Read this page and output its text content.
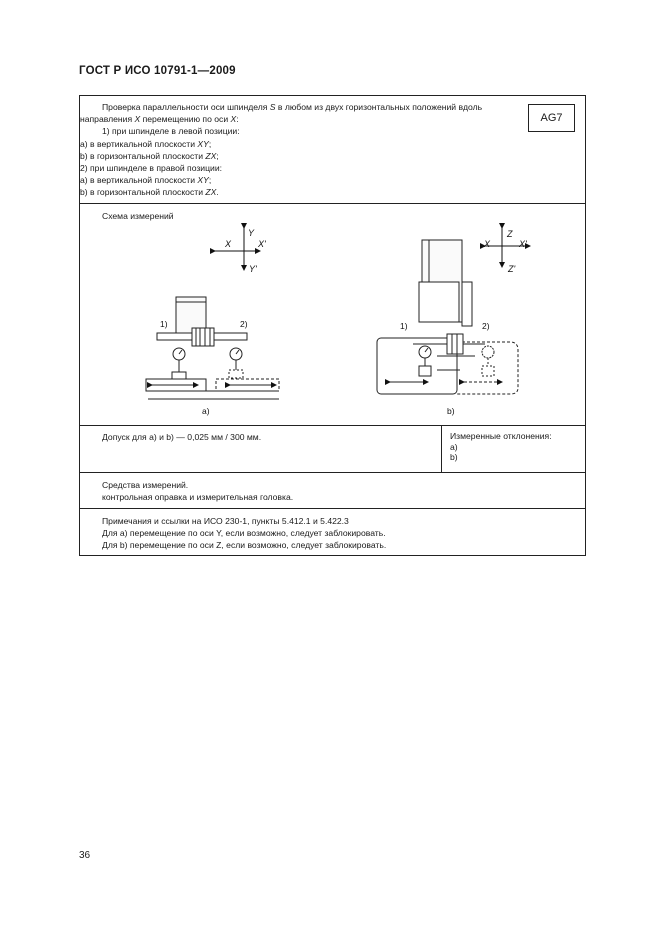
ГОСТ Р ИСО 10791-1—2009
Проверка параллельности оси шпинделя S в любом из двух горизонтальных положений вдоль
направления X перемещению по оси X:
1) при шпинделе в левой позиции:
a) в вертикальной плоскости XY;
b) в горизонтальной плоскости ZX;
2) при шпинделе в правой позиции:
a) в вертикальной плоскости XY;
b) в горизонтальной плоскости ZX.
AG7
Схема измерений
X	X'
Y
Y'
X	X'
Z
Z'
1)	2)
a)
1)	2)
b)
Допуск для a) и b) — 0,025 мм / 300 мм.	Измеренные отклонения:
a)
b)
Средства измерений.
контрольная оправка и измерительная головка.
Примечания и ссылки на ИСО 230-1, пункты 5.412.1 и 5.422.3
Для a) перемещение по оси Y, если возможно, следует заблокировать.
Для b) перемещение по оси Z, если возможно, следует заблокировать.
36
